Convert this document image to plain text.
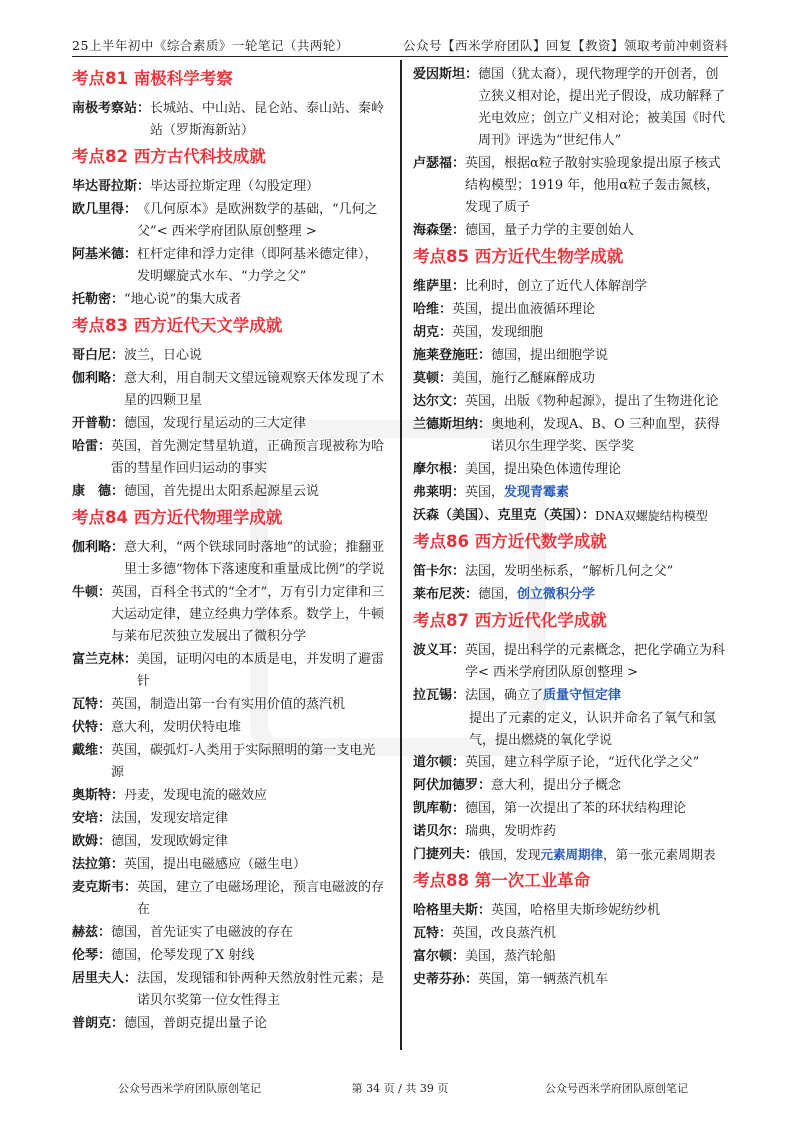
25上半年初中《综合素质》一轮笔记（共两轮）	公众号【西米学府团队】回复【教资】领取考前冲刺资料
考点81 南极科学考察
南极考察站： 长城站、中山站、昆仑站、泰山站、秦岭站（罗斯海新站）
考点82 西方古代科技成就
毕达哥拉斯： 毕达哥拉斯定理（勾股定理）
欧几里得： 《几何原本》是欧洲数学的基础，“几何之父”< 西米学府团队原创整理 >
阿基米德： 杠杆定律和浮力定律（即阿基米德定律），发明螺旋式水车、“力学之父”
托勒密： “地心说”的集大成者
考点83 西方近代天文学成就
哥白尼： 波兰，日心说
伽利略： 意大利，用自制天文望远镜观察天体发现了木星的四颗卫星
开普勒： 德国，发现行星运动的三大定律
哈雷： 英国，首先测定彗星轨道，正确预言现被称为哈雷的彗星作回归运动的事实
康　德： 德国，首先提出太阳系起源星云说
考点84 西方近代物理学成就
伽利略： 意大利，“两个铁球同时落地”的试验；推翻亚里士多德“物体下落速度和重量成比例”的学说
牛顿： 英国，百科全书式的“全才”，万有引力定律和三大运动定律，建立经典力学体系。数学上，牛顿与莱布尼茨独立发展出了微积分学
富兰克林： 美国，证明闪电的本质是电，并发明了避雷针
瓦特： 英国，制造出第一台有实用价值的蒸汽机
伏特： 意大利，发明伏特电堆
戴维： 英国，碳弧灯-人类用于实际照明的第一支电光源
奥斯特： 丹麦，发现电流的磁效应
安培： 法国，发现安培定律
欧姆： 德国，发现欧姆定律
法拉第： 英国，提出电磁感应（磁生电）
麦克斯韦： 英国，建立了电磁场理论，预言电磁波的存在
赫兹： 德国，首先证实了电磁波的存在
伦琴： 德国，伦琴发现了X 射线
居里夫人： 法国，发现镭和钋两种天然放射性元素；是诺贝尔奖第一位女性得主
普朗克： 德国，普朗克提出量子论
爱因斯坦： 德国（犹太裔），现代物理学的开创者，创立狭义相对论，提出光子假设，成功解释了光电效应；创立广义相对论；被美国《时代周刊》评选为“世纪伟人”
卢瑟福： 英国，根据α粒子散射实验现象提出原子核式结构模型；1919 年，他用α粒子轰击氮核，发现了质子
海森堡： 德国，量子力学的主要创始人
考点85 西方近代生物学成就
维萨里： 比利时，创立了近代人体解剖学
哈维： 英国，提出血液循环理论
胡克： 英国，发现细胞
施莱登施旺： 德国，提出细胞学说
莫顿： 美国，施行乙醚麻醉成功
达尔文： 英国，出版《物种起源》，提出了生物进化论
兰德斯坦纳： 奥地利，发现A、B、O 三种血型，获得诺贝尔生理学奖、医学奖
摩尔根： 美国，提出染色体遗传理论
弗莱明： 英国，发现青霉素
沃森（美国）、克里克（英国）： DNA双螺旋结构模型
考点86 西方近代数学成就
笛卡尔： 法国，发明坐标系，“解析几何之父”
莱布尼茨： 德国，创立微积分学
考点87 西方近代化学成就
波义耳： 英国，提出科学的元素概念，把化学确立为科学< 西米学府团队原创整理 >
拉瓦锡： 法国，确立了质量守恒定律
提出了元素的定义，认识并命名了氧气和氢气，提出燃烧的氧化学说
道尔顿： 英国，建立科学原子论，“近代化学之父”
阿伏加德罗： 意大利，提出分子概念
凯库勒： 德国，第一次提出了苯的环状结构理论
诺贝尔： 瑞典，发明炸药
门捷列夫： 俄国，发现元素周期律，第一张元素周期表
考点88 第一次工业革命
哈格里夫斯： 英国，哈格里夫斯珍妮纺纱机
瓦特： 英国，改良蒸汽机
富尔顿： 美国，蒸汽轮船
史蒂芬孙： 英国，第一辆蒸汽机车
第 34 页 / 共 39 页
公众号西米学府团队原创笔记	公众号西米学府团队原创笔记
